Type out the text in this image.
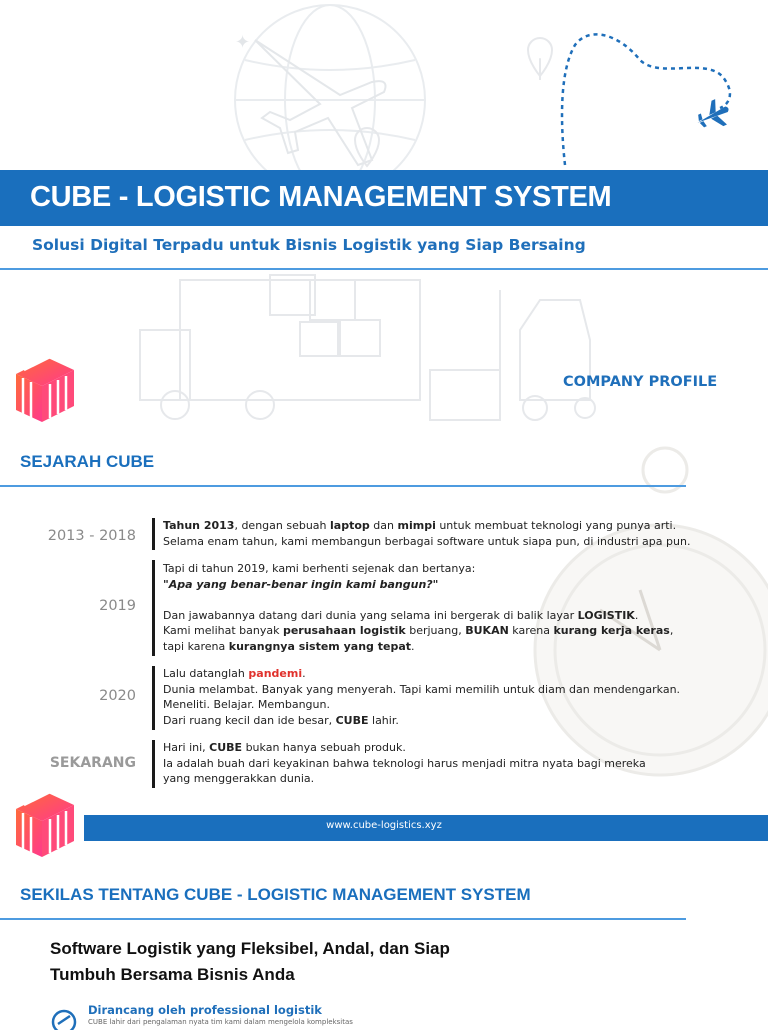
✦
CUBE - LOGISTIC MANAGEMENT SYSTEM
Solusi Digital Terpadu untuk Bisnis Logistik yang Siap Bersaing
COMPANY PROFILE
SEJARAH CUBE
2013 - 2018

Tahun 2013, dengan sebuah laptop dan mimpi untuk membuat teknologi yang punya arti.

Selama enam tahun, kami membangun berbagai software untuk siapa pun, di industri apa pun.

2019

Tapi di tahun 2019, kami berhenti sejenak dan bertanya:

"Apa yang benar-benar ingin kami bangun?"

Dan jawabannya datang dari dunia yang selama ini bergerak di balik layar LOGISTIK.

Kami melihat banyak perusahaan logistik berjuang, BUKAN karena kurang kerja keras,

tapi karena kurangnya sistem yang tepat.

2020

Lalu datanglah pandemi.

Dunia melambat. Banyak yang menyerah. Tapi kami memilih untuk diam dan mendengarkan.

Meneliti. Belajar. Membangun.

Dari ruang kecil dan ide besar, CUBE lahir.

SEKARANG

Hari ini, CUBE bukan hanya sebuah produk.

Ia adalah buah dari keyakinan bahwa teknologi harus menjadi mitra nyata bagi mereka

yang menggerakkan dunia.

www.cube-logistics.xyz
SEKILAS TENTANG CUBE - LOGISTIC MANAGEMENT SYSTEM
Software Logistik yang Fleksibel, Andal, dan Siap
Tumbuh Bersama Bisnis Anda
Dirancang oleh professional logistik
CUBE lahir dari pengalaman nyata tim kami dalam mengelola kompleksitas
